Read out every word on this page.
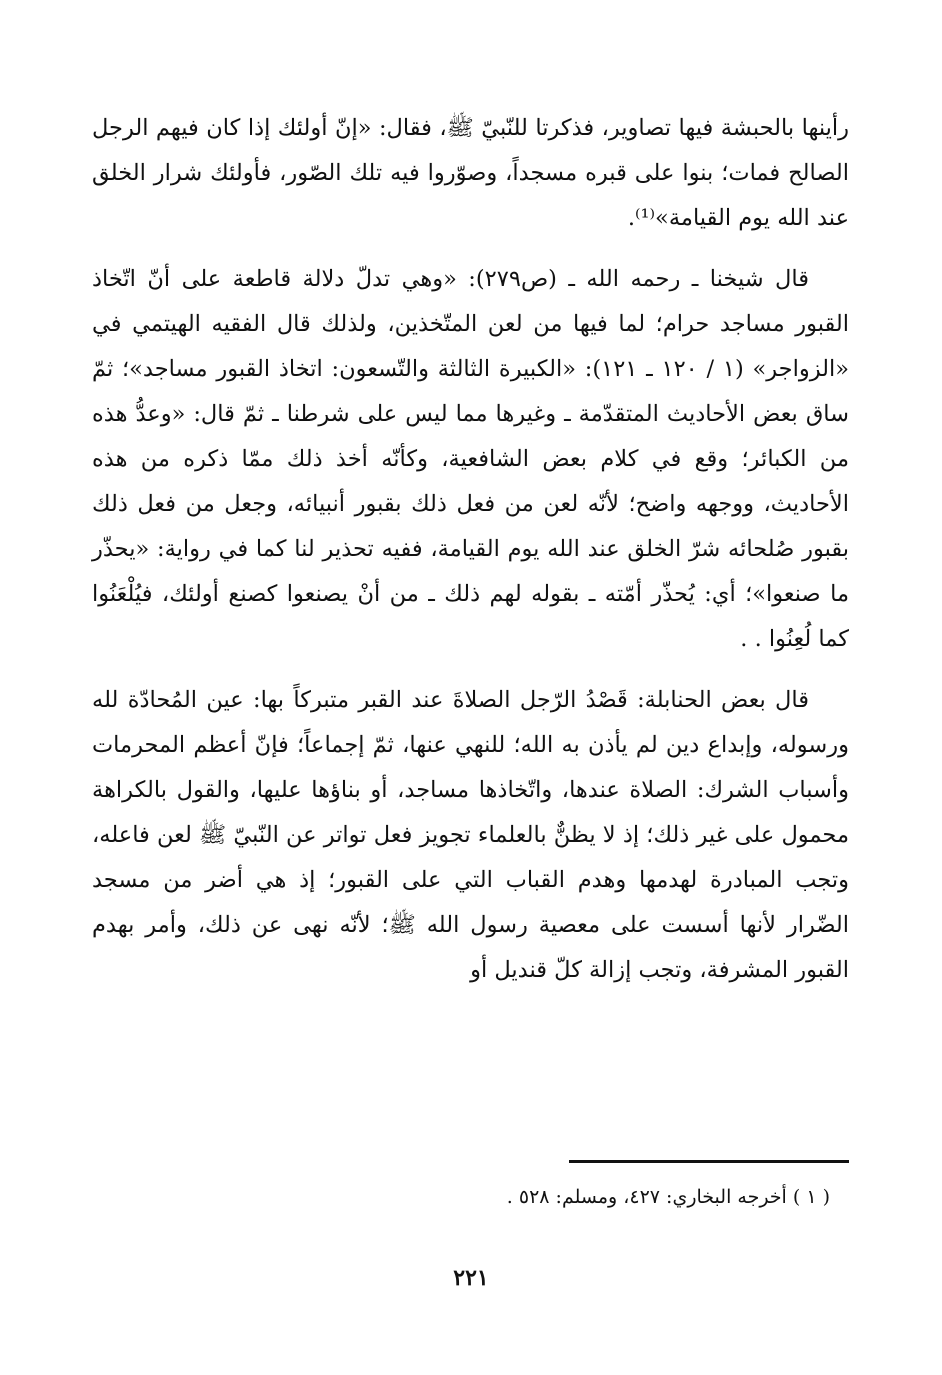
رأينها بالحبشة فيها تصاوير، فذكرتا للنّبيّ ﷺ، فقال: «إنّ أولئك إذا كان فيهم الرجل الصالح فمات؛ بنوا على قبره مسجداً، وصوّروا فيه تلك الصّور، فأولئك شرار الخلق عند الله يوم القيامة»⁽¹⁾.

قال شيخنا ـ رحمه الله ـ (ص٢٧٩): «وهي تدلّ دلالة قاطعة على أنّ اتّخاذ القبور مساجد حرام؛ لما فيها من لعن المتّخذين، ولذلك قال الفقيه الهيتمي في «الزواجر» (١ / ١٢٠ ـ ١٢١): «الكبيرة الثالثة والتّسعون: اتخاذ القبور مساجد»؛ ثمّ ساق بعض الأحاديث المتقدّمة ـ وغيرها مما ليس على شرطنا ـ ثمّ قال: «وعدُّ هذه من الكبائر؛ وقع في كلام بعض الشافعية، وكأنّه أخذ ذلك ممّا ذكره من هذه الأحاديث، ووجهه واضح؛ لأنّه لعن من فعل ذلك بقبور أنبيائه، وجعل من فعل ذلك بقبور صُلحائه شرّ الخلق عند الله يوم القيامة، ففيه تحذير لنا كما في رواية: «يحذّر ما صنعوا»؛ أي: يُحذّر أمّته ـ بقوله لهم ذلك ـ من أنْ يصنعوا كصنع أولئك، فيُلْعَنُوا كما لُعِنُوا . .

قال بعض الحنابلة: قَصْدُ الرّجل الصلاةَ عند القبر متبركاً بها: عين المُحادّة لله ورسوله، وإبداع دين لم يأذن به الله؛ للنهي عنها، ثمّ إجماعاً؛ فإنّ أعظم المحرمات وأسباب الشرك: الصلاة عندها، واتّخاذها مساجد، أو بناؤها عليها، والقول بالكراهة محمول على غير ذلك؛ إذ لا يظنٌّ بالعلماء تجويز فعل تواتر عن النّبيّ ﷺ لعن فاعله، وتجب المبادرة لهدمها وهدم القباب التي على القبور؛ إذ هي أضر من مسجد الضّرار لأنها أسست على معصية رسول الله ﷺ؛ لأنّه نهى عن ذلك، وأمر بهدم القبور المشرفة، وتجب إزالة كلّ قنديل أو

( ١ ) أخرجه البخاري: ٤٢٧، ومسلم: ٥٢٨ .
٢٢١
